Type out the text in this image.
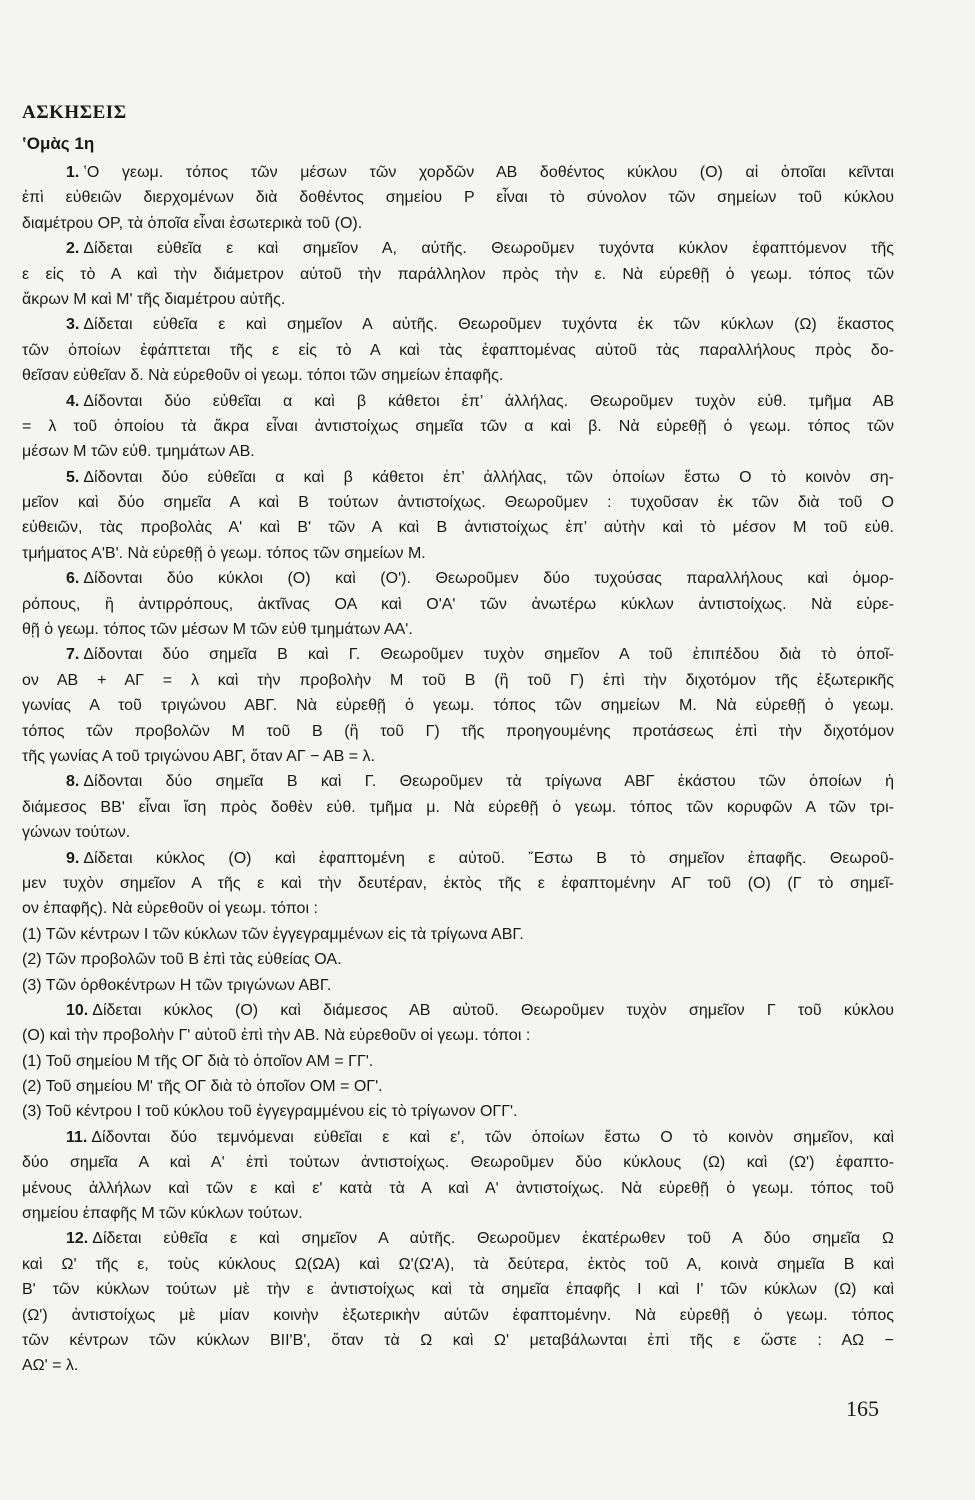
ΑΣΚΗΣΕΙΣ
ʽΟμὰς 1η
1. ʽΟ γεωμ. τόπος τῶν μέσων τῶν χορδῶν ΑΒ δοθέντος κύκλου (Ο) αἱ ὁποῖαι κεῖνται
ἐπὶ εὐθειῶν διερχομένων διὰ δοθέντος σημείου Ρ εἶναι τὸ σύνολον τῶν σημείων τοῦ κύκλου
διαμέτρου ΟΡ, τὰ ὁποῖα εἶναι ἐσωτερικὰ τοῦ (Ο).
2. Δίδεται εὐθεῖα ε καὶ σημεῖον Α, αὐτῆς. Θεωροῦμεν τυχόντα κύκλον ἐφαπτόμενον τῆς
ε εἰς τὸ Α καὶ τὴν διάμετρον αὐτοῦ τὴν παράλληλον πρὸς τὴν ε. Νὰ εὑρεθῇ ὁ γεωμ. τόπος τῶν
ἄκρων Μ καὶ Μʹ τῆς διαμέτρου αὐτῆς.
3. Δίδεται εὐθεῖα ε καὶ σημεῖον Α αὐτῆς. Θεωροῦμεν τυχόντα ἐκ τῶν κύκλων (Ω) ἕκαστος
τῶν ὁποίων ἐφάπτεται τῆς ε εἰς τὸ Α καὶ τὰς ἐφαπτομένας αὐτοῦ τὰς παραλλήλους πρὸς δο-
θεῖσαν εὐθεῖαν δ. Νὰ εὑρεθοῦν οἱ γεωμ. τόποι τῶν σημείων ἐπαφῆς.
4. Δίδονται δύο εὐθεῖαι α καὶ β κάθετοι ἐπ’ ἀλλήλας. Θεωροῦμεν τυχὸν εὐθ. τμῆμα ΑΒ
= λ τοῦ ὁποίου τὰ ἄκρα εἶναι ἀντιστοίχως σημεῖα τῶν α καὶ β. Νὰ εὑρεθῇ ὁ γεωμ. τόπος τῶν
μέσων Μ τῶν εὐθ. τμημάτων ΑΒ.
5. Δίδονται δύο εὐθεῖαι α καὶ β κάθετοι ἐπ’ ἀλλήλας, τῶν ὁποίων ἔστω Ο τὸ κοινὸν ση-
μεῖον καὶ δύο σημεῖα Α καὶ Β τούτων ἀντιστοίχως. Θεωροῦμεν : τυχοῦσαν ἐκ τῶν διὰ τοῦ Ο
εὐθειῶν, τὰς προβολὰς Αʹ καὶ Βʹ τῶν Α καὶ Β ἀντιστοίχως ἐπ’ αὐτὴν καὶ τὸ μέσον Μ τοῦ εὐθ.
τμήματος ΑʹΒʹ. Νὰ εὑρεθῇ ὁ γεωμ. τόπος τῶν σημείων Μ.
6. Δίδονται δύο κύκλοι (Ο) καὶ (Οʹ). Θεωροῦμεν δύο τυχούσας παραλλήλους καὶ ὁμορ-
ρόπους, ἢ ἀντιρρόπους, ἀκτῖνας ΟΑ καὶ ΟʹΑʹ τῶν ἀνωτέρω κύκλων ἀντιστοίχως. Νὰ εὑρε-
θῇ ὁ γεωμ. τόπος τῶν μέσων Μ τῶν εὐθ τμημάτων ΑΑʹ.
7. Δίδονται δύο σημεῖα Β καὶ Γ. Θεωροῦμεν τυχὸν σημεῖον Α τοῦ ἐπιπέδου διὰ τὸ ὁποῖ-
ον ΑΒ + ΑΓ = λ καὶ τὴν προβολὴν Μ τοῦ Β (ἢ τοῦ Γ) ἐπὶ τὴν διχοτόμον τῆς ἐξωτερικῆς
γωνίας Α τοῦ τριγώνου ΑΒΓ. Νὰ εὑρεθῇ ὁ γεωμ. τόπος τῶν σημείων Μ. Νὰ εὑρεθῇ ὁ γεωμ.
τόπος τῶν προβολῶν Μ τοῦ Β (ἢ τοῦ Γ) τῆς προηγουμένης προτάσεως ἐπὶ τὴν διχοτόμον
τῆς γωνίας Α τοῦ τριγώνου ΑΒΓ, ὅταν ΑΓ − ΑΒ = λ.
8. Δίδονται δύο σημεῖα Β καὶ Γ. Θεωροῦμεν τὰ τρίγωνα ΑΒΓ ἑκάστου τῶν ὁποίων ἡ
διάμεσος ΒΒʹ εἶναι ἴση πρὸς δοθὲν εὐθ. τμῆμα μ. Νὰ εὑρεθῇ ὁ γεωμ. τόπος τῶν κορυφῶν Α τῶν τρι-
γώνων τούτων.
9. Δίδεται κύκλος (Ο) καὶ ἐφαπτομένη ε αὐτοῦ. ῎Εστω Β τὸ σημεῖον ἐπαφῆς. Θεωροῦ-
μεν τυχὸν σημεῖον Α τῆς ε καὶ τὴν δευτέραν, ἐκτὸς τῆς ε ἐφαπτομένην ΑΓ τοῦ (Ο) (Γ τὸ σημεῖ-
ον ἐπαφῆς). Νὰ εὑρεθοῦν οἱ γεωμ. τόποι :
(1) Τῶν κέντρων Ι τῶν κύκλων τῶν ἐγγεγραμμένων εἰς τὰ τρίγωνα ΑΒΓ.
(2) Τῶν προβολῶν τοῦ Β ἐπὶ τὰς εὐθείας ΟΑ.
(3) Τῶν ὀρθοκέντρων Η τῶν τριγώνων ΑΒΓ.
10. Δίδεται κύκλος (Ο) καὶ διάμεσος ΑΒ αὐτοῦ. Θεωροῦμεν τυχὸν σημεῖον Γ τοῦ κύκλου
(Ο) καὶ τὴν προβολὴν Γʹ αὐτοῦ ἐπὶ τὴν ΑΒ. Νὰ εὑρεθοῦν οἱ γεωμ. τόποι :
(1) Τοῦ σημείου Μ τῆς ΟΓ διὰ τὸ ὁποῖον ΑΜ = ΓΓʹ.
(2) Τοῦ σημείου Μʹ τῆς ΟΓ διὰ τὸ ὁποῖον ΟΜ = ΟΓʹ.
(3) Τοῦ κέντρου Ι τοῦ κύκλου τοῦ ἐγγεγραμμένου εἰς τὸ τρίγωνον ΟΓΓʹ.
11. Δίδονται δύο τεμνόμεναι εὐθεῖαι ε καὶ εʹ, τῶν ὁποίων ἔστω Ο τὸ κοινὸν σημεῖον, καὶ
δύο σημεῖα Α καὶ Αʹ ἐπὶ τούτων ἀντιστοίχως. Θεωροῦμεν δύο κύκλους (Ω) καὶ (Ωʹ) ἐφαπτο-
μένους ἀλλήλων καὶ τῶν ε καὶ εʹ κατὰ τὰ Α καὶ Αʹ ἀντιστοίχως. Νὰ εὑρεθῇ ὁ γεωμ. τόπος τοῦ
σημείου ἐπαφῆς Μ τῶν κύκλων τούτων.
12. Δίδεται εὐθεῖα ε καὶ σημεῖον Α αὐτῆς. Θεωροῦμεν ἑκατέρωθεν τοῦ Α δύο σημεῖα Ω
καὶ Ωʹ τῆς ε, τοὺς κύκλους Ω(ΩΑ) καὶ Ωʹ(ΩʹΑ), τὰ δεύτερα, ἐκτὸς τοῦ Α, κοινὰ σημεῖα Β καὶ
Βʹ τῶν κύκλων τούτων μὲ τὴν ε ἀντιστοίχως καὶ τὰ σημεῖα ἐπαφῆς Ι καὶ Ιʹ τῶν κύκλων (Ω) καὶ
(Ωʹ) ἀντιστοίχως μὲ μίαν κοινὴν ἐξωτερικὴν αὐτῶν ἐφαπτομένην. Νὰ εὑρεθῇ ὁ γεωμ. τόπος
τῶν κέντρων τῶν κύκλων ΒΙΙʹΒʹ, ὅταν τὰ Ω καὶ Ωʹ μεταβάλωνται ἐπὶ τῆς ε ὥστε : ΑΩ −
ΑΩʹ = λ.
165
